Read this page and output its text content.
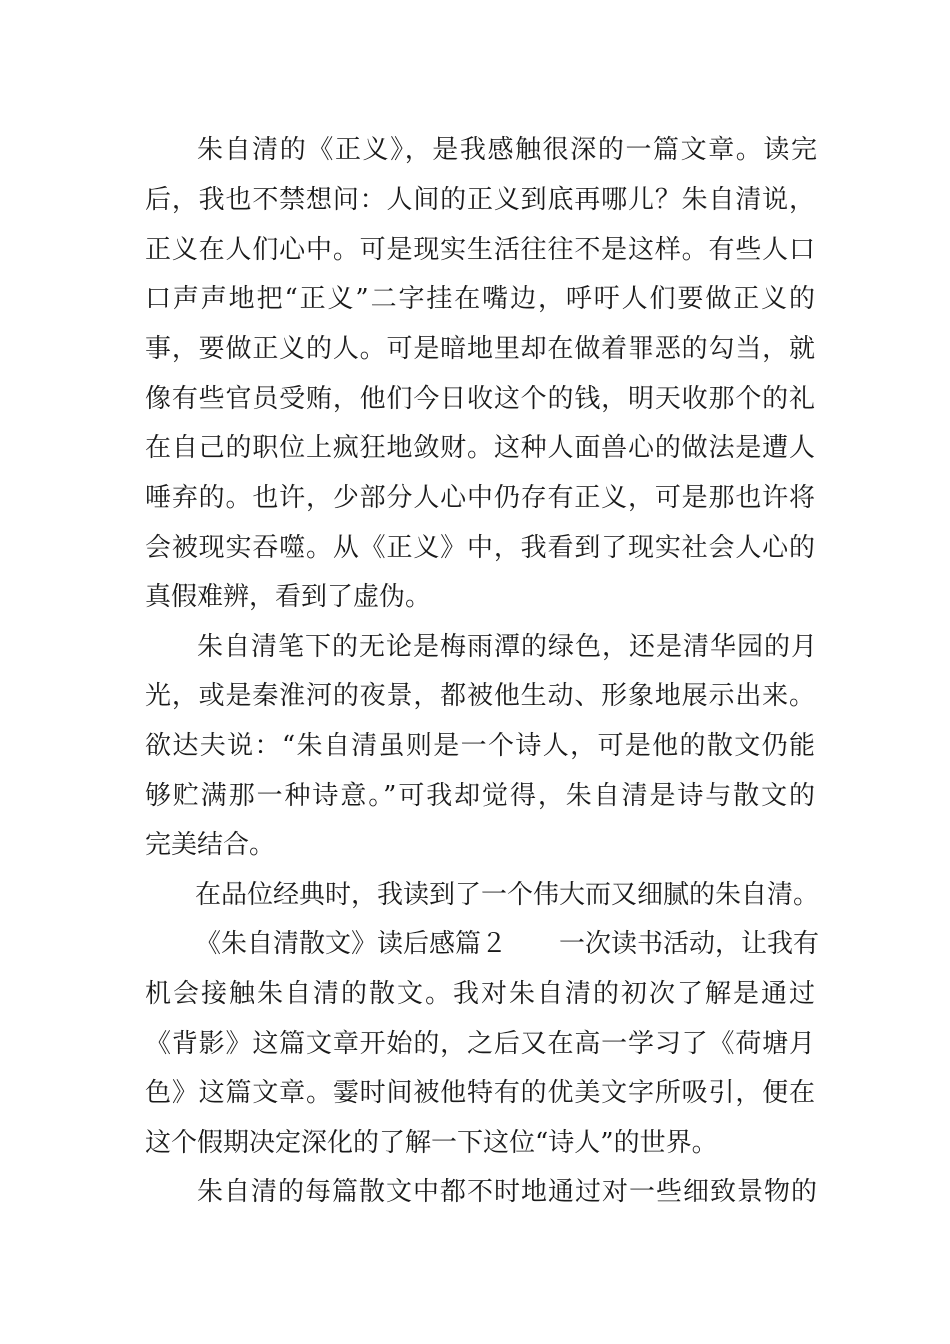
朱自清的《正义》，是我感触很深的一篇文章。读完
后，我也不禁想问：人间的正义到底再哪儿？朱自清说，
正义在人们心中。可是现实生活往往不是这样。有些人口
口声声地把“正义”二字挂在嘴边，呼吁人们要做正义的
事，要做正义的人。可是暗地里却在做着罪恶的勾当，就
像有些官员受贿，他们今日收这个的钱，明天收那个的礼
在自己的职位上疯狂地敛财。这种人面兽心的做法是遭人
唾弃的。也许，少部分人心中仍存有正义，可是那也许将
会被现实吞噬。从《正义》中，我看到了现实社会人心的
真假难辨，看到了虚伪。
朱自清笔下的无论是梅雨潭的绿色，还是清华园的月
光，或是秦淮河的夜景，都被他生动、形象地展示出来。
欲达夫说：“朱自清虽则是一个诗人，可是他的散文仍能
够贮满那一种诗意。”可我却觉得，朱自清是诗与散文的
完美结合。
在品位经典时，我读到了一个伟大而又细腻的朱自清。
《朱自清散文》读后感篇２　　一次读书活动，让我有
机会接触朱自清的散文。我对朱自清的初次了解是通过
《背影》这篇文章开始的，之后又在高一学习了《荷塘月
色》这篇文章。霎时间被他特有的优美文字所吸引，便在
这个假期决定深化的了解一下这位“诗人”的世界。
朱自清的每篇散文中都不时地通过对一些细致景物的
